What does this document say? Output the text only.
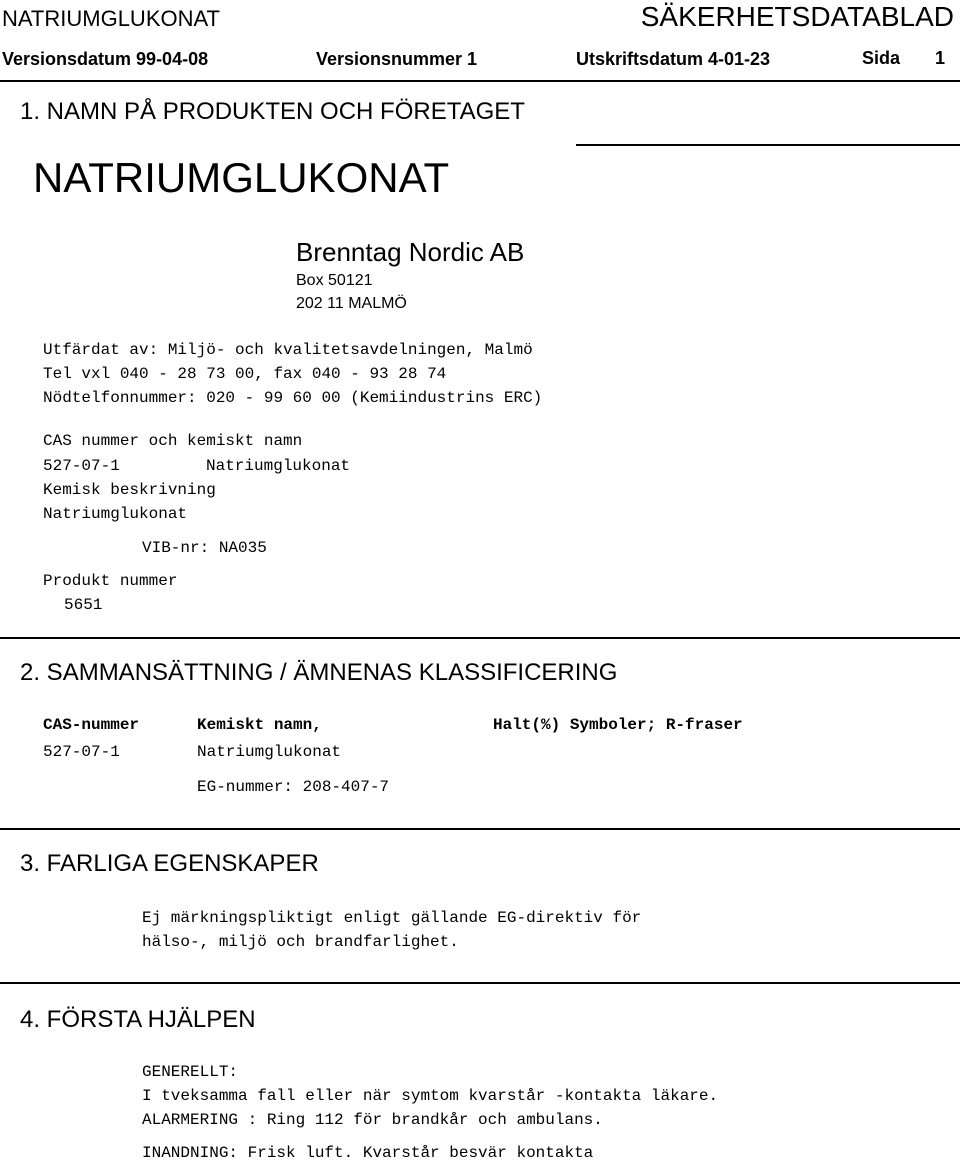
NATRIUMGLUKONAT	SÄKERHETSDATABLAD
Versionsdatum 99-04-08	Versionsnummer 1	Utskriftsdatum 4-01-23	Sida 1
1. NAMN PÅ PRODUKTEN OCH FÖRETAGET
NATRIUMGLUKONAT
Brenntag Nordic AB
Box 50121
202 11 MALMÖ
Utfärdat av: Miljö- och kvalitetsavdelningen, Malmö
Tel vxl 040 - 28 73 00, fax 040 - 93 28 74
Nödtelfonnummer: 020 - 99 60 00 (Kemiindustrins ERC)
CAS nummer och kemiskt namn
527-07-1	Natriumglukonat
Kemisk beskrivning
Natriumglukonat
VIB-nr: NA035
Produkt nummer
5651
2. SAMMANSÄTTNING / ÄMNENAS KLASSIFICERING
CAS-nummer	Kemiskt namn,	Halt(%) Symboler; R-fraser
527-07-1	Natriumglukonat
EG-nummer: 208-407-7
3. FARLIGA EGENSKAPER
Ej märkningspliktigt enligt gällande EG-direktiv för
hälso-, miljö och brandfarlighet.
4. FÖRSTA HJÄLPEN
GENERELLT:
I tveksamma fall eller när symtom kvarstår -kontakta läkare.
ALARMERING : Ring 112 för brandkår och ambulans.
INANDNING: Frisk luft. Kvarstår besvär kontakta
